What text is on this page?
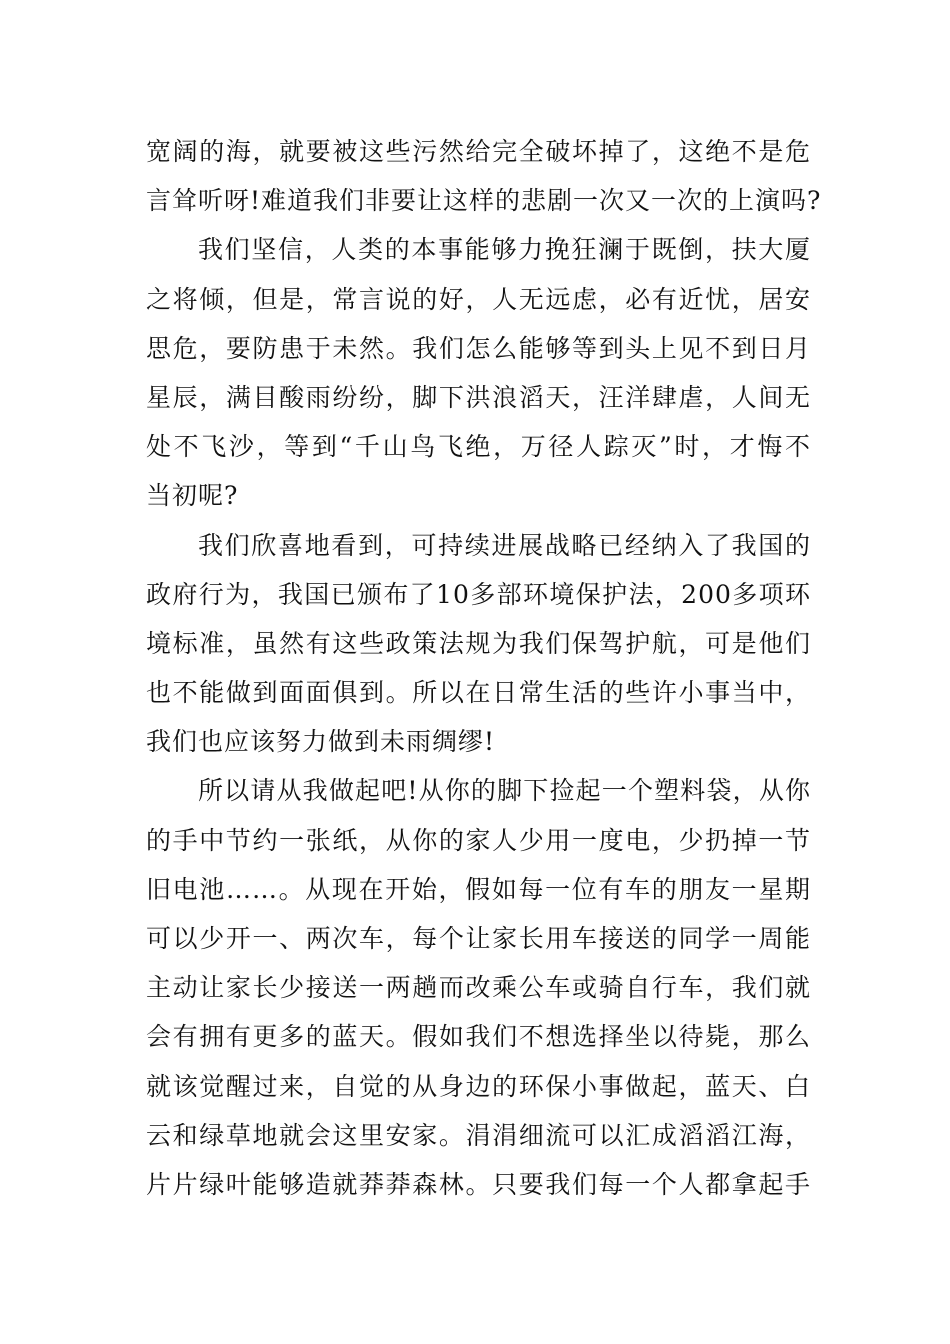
宽阔的海，就要被这些污然给完全破坏掉了，这绝不是危
言耸听呀!难道我们非要让这样的悲剧一次又一次的上演吗?
我们坚信，人类的本事能够力挽狂澜于既倒，扶大厦
之将倾，但是，常言说的好，人无远虑，必有近忧，居安
思危，要防患于未然。我们怎么能够等到头上见不到日月
星辰，满目酸雨纷纷，脚下洪浪滔天，汪洋肆虐，人间无
处不飞沙，等到“千山鸟飞绝，万径人踪灭”时，才悔不
当初呢?
我们欣喜地看到，可持续进展战略已经纳入了我国的
政府行为，我国已颁布了10多部环境保护法，200多项环
境标准，虽然有这些政策法规为我们保驾护航，可是他们
也不能做到面面俱到。所以在日常生活的些许小事当中，
我们也应该努力做到未雨绸缪!
所以请从我做起吧!从你的脚下捡起一个塑料袋，从你
的手中节约一张纸，从你的家人少用一度电，少扔掉一节
旧电池……。从现在开始，假如每一位有车的朋友一星期
可以少开一、两次车，每个让家长用车接送的同学一周能
主动让家长少接送一两趟而改乘公车或骑自行车，我们就
会有拥有更多的蓝天。假如我们不想选择坐以待毙，那么
就该觉醒过来，自觉的从身边的环保小事做起，蓝天、白
云和绿草地就会这里安家。涓涓细流可以汇成滔滔江海，
片片绿叶能够造就莽莽森林。只要我们每一个人都拿起手
